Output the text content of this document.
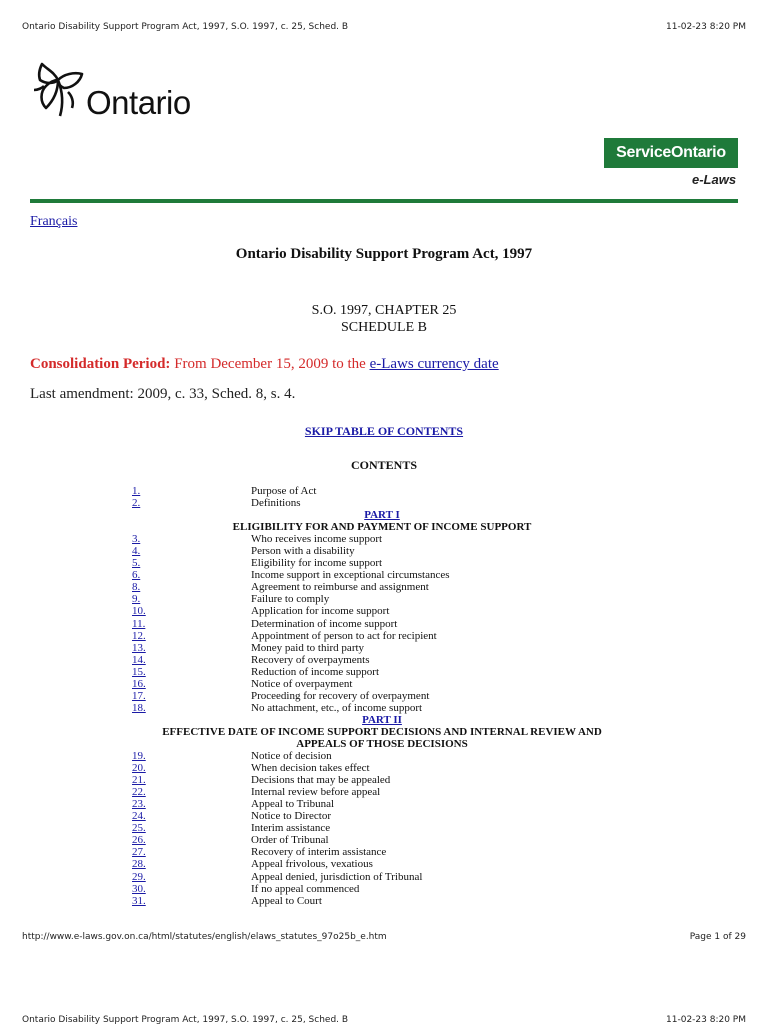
Ontario Disability Support Program Act, 1997, S.O. 1997, c. 25, Sched. B	11-02-23 8:20 PM
Ontario
ServiceOntario
e-Laws
Français
Ontario Disability Support Program Act, 1997
S.O. 1997, CHAPTER 25
SCHEDULE B
Consolidation Period: From December 15, 2009 to the e-Laws currency date
Last amendment: 2009, c. 33, Sched. 8, s. 4.
SKIP TABLE OF CONTENTS
CONTENTS
1.	Purpose of Act
2.	Definitions
PART I
ELIGIBILITY FOR AND PAYMENT OF INCOME SUPPORT
3.	Who receives income support
4.	Person with a disability
5.	Eligibility for income support
6.	Income support in exceptional circumstances
8.	Agreement to reimburse and assignment
9.	Failure to comply
10.	Application for income support
11.	Determination of income support
12.	Appointment of person to act for recipient
13.	Money paid to third party
14.	Recovery of overpayments
15.	Reduction of income support
16.	Notice of overpayment
17.	Proceeding for recovery of overpayment
18.	No attachment, etc., of income support
PART II
EFFECTIVE DATE OF INCOME SUPPORT DECISIONS AND INTERNAL REVIEW AND
APPEALS OF THOSE DECISIONS
19.	Notice of decision
20.	When decision takes effect
21.	Decisions that may be appealed
22.	Internal review before appeal
23.	Appeal to Tribunal
24.	Notice to Director
25.	Interim assistance
26.	Order of Tribunal
27.	Recovery of interim assistance
28.	Appeal frivolous, vexatious
29.	Appeal denied, jurisdiction of Tribunal
30.	If no appeal commenced
31.	Appeal to Court
http://www.e-laws.gov.on.ca/html/statutes/english/elaws_statutes_97o25b_e.htm	Page 1 of 29
Ontario Disability Support Program Act, 1997, S.O. 1997, c. 25, Sched. B	11-02-23 8:20 PM
